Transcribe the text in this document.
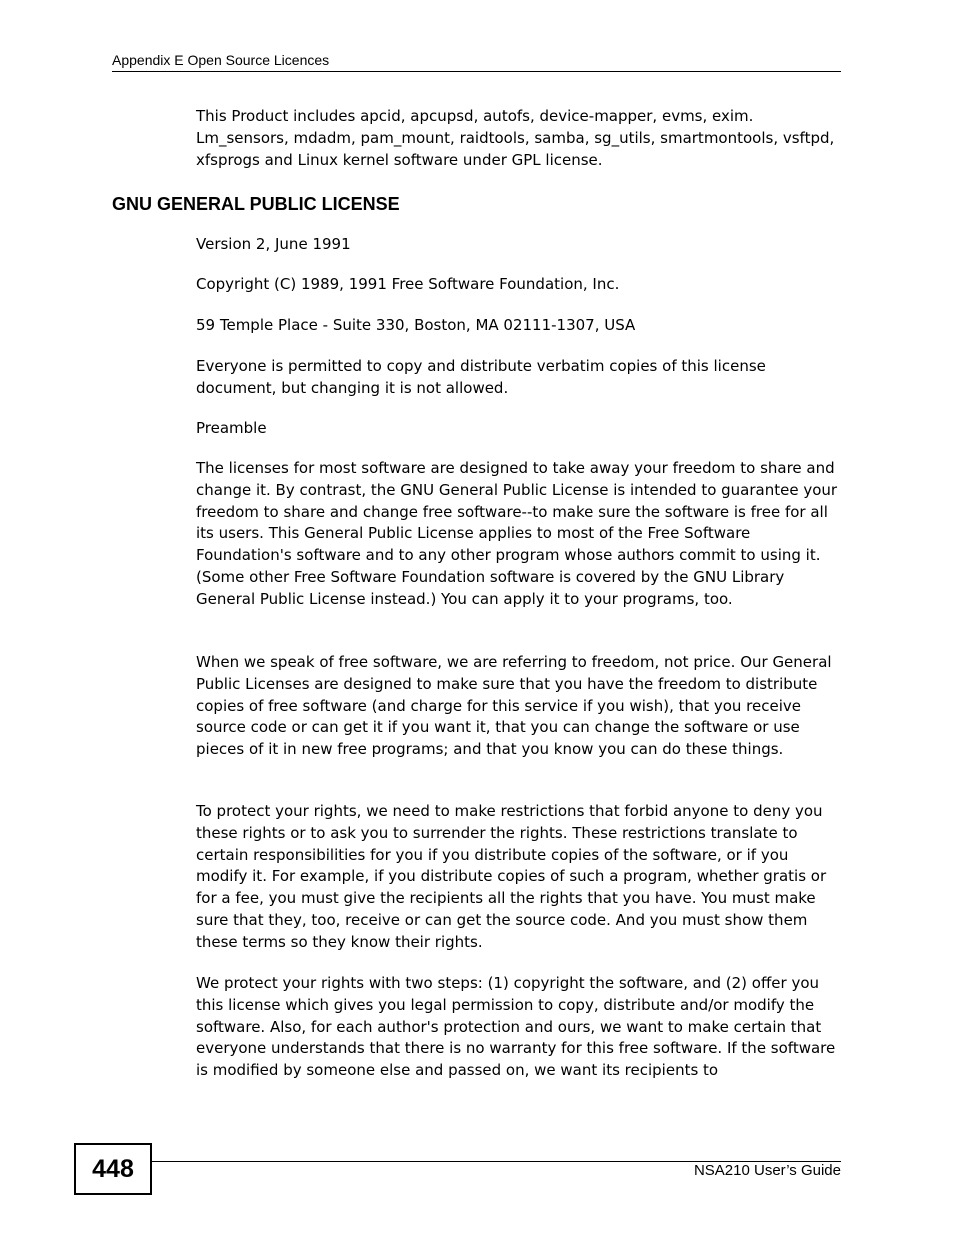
Appendix E Open Source Licences

This Product includes apcid, apcupsd, autofs, device-mapper, evms, exim. Lm_sensors, mdadm, pam_mount, raidtools, samba, sg_utils, smartmontools, vsftpd, xfsprogs and Linux kernel software under GPL license.

GNU GENERAL PUBLIC LICENSE

Version 2, June 1991

Copyright (C) 1989, 1991 Free Software Foundation, Inc.

59 Temple Place - Suite 330, Boston, MA 02111-1307, USA

Everyone is permitted to copy and distribute verbatim copies of this license document, but changing it is not allowed.

Preamble

The licenses for most software are designed to take away your freedom to share and change it. By contrast, the GNU General Public License is intended to guarantee your freedom to share and change free software--to make sure the software is free for all its users. This General Public License applies to most of the Free Software Foundation's software and to any other program whose authors commit to using it. (Some other Free Software Foundation software is covered by the GNU Library General Public License instead.) You can apply it to your programs, too.

When we speak of free software, we are referring to freedom, not price. Our General Public Licenses are designed to make sure that you have the freedom to distribute copies of free software (and charge for this service if you wish), that you receive source code or can get it if you want it, that you can change the software or use pieces of it in new free programs; and that you know you can do these things.

To protect your rights, we need to make restrictions that forbid anyone to deny you these rights or to ask you to surrender the rights. These restrictions translate to certain responsibilities for you if you distribute copies of the software, or if you modify it. For example, if you distribute copies of such a program, whether gratis or for a fee, you must give the recipients all the rights that you have. You must make sure that they, too, receive or can get the source code. And you must show them these terms so they know their rights.

We protect your rights with two steps: (1) copyright the software, and (2) offer you this license which gives you legal permission to copy, distribute and/or modify the software. Also, for each author's protection and ours, we want to make certain that everyone understands that there is no warranty for this free software. If the software is modified by someone else and passed on, we want its recipients to

448	NSA210 User’s Guide
